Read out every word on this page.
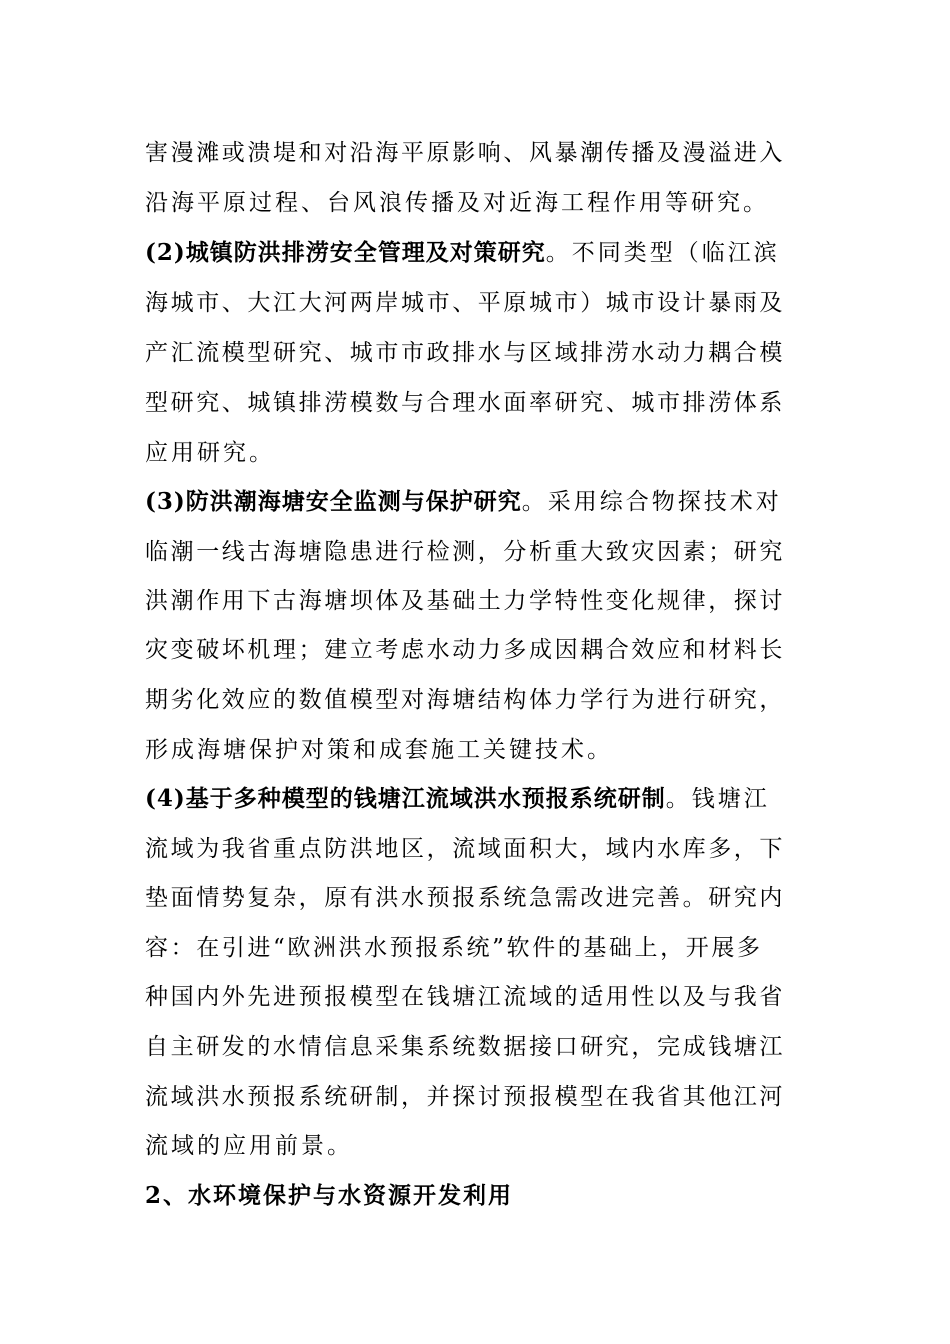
害漫滩或溃堤和对沿海平原影响、风暴潮传播及漫溢进入
沿海平原过程、台风浪传播及对近海工程作用等研究。
(2)城镇防洪排涝安全管理及对策研究。不同类型（临江滨
海城市、大江大河两岸城市、平原城市）城市设计暴雨及
产汇流模型研究、城市市政排水与区域排涝水动力耦合模
型研究、城镇排涝模数与合理水面率研究、城市排涝体系
应用研究。
(3)防洪潮海塘安全监测与保护研究。采用综合物探技术对
临潮一线古海塘隐患进行检测，分析重大致灾因素；研究
洪潮作用下古海塘坝体及基础土力学特性变化规律，探讨
灾变破坏机理；建立考虑水动力多成因耦合效应和材料长
期劣化效应的数值模型对海塘结构体力学行为进行研究，
形成海塘保护对策和成套施工关键技术。
(4)基于多种模型的钱塘江流域洪水预报系统研制。钱塘江
流域为我省重点防洪地区，流域面积大，域内水库多，下
垫面情势复杂，原有洪水预报系统急需改进完善。研究内
容：在引进“欧洲洪水预报系统”软件的基础上，开展多
种国内外先进预报模型在钱塘江流域的适用性以及与我省
自主研发的水情信息采集系统数据接口研究，完成钱塘江
流域洪水预报系统研制，并探讨预报模型在我省其他江河
流域的应用前景。
2、水环境保护与水资源开发利用
